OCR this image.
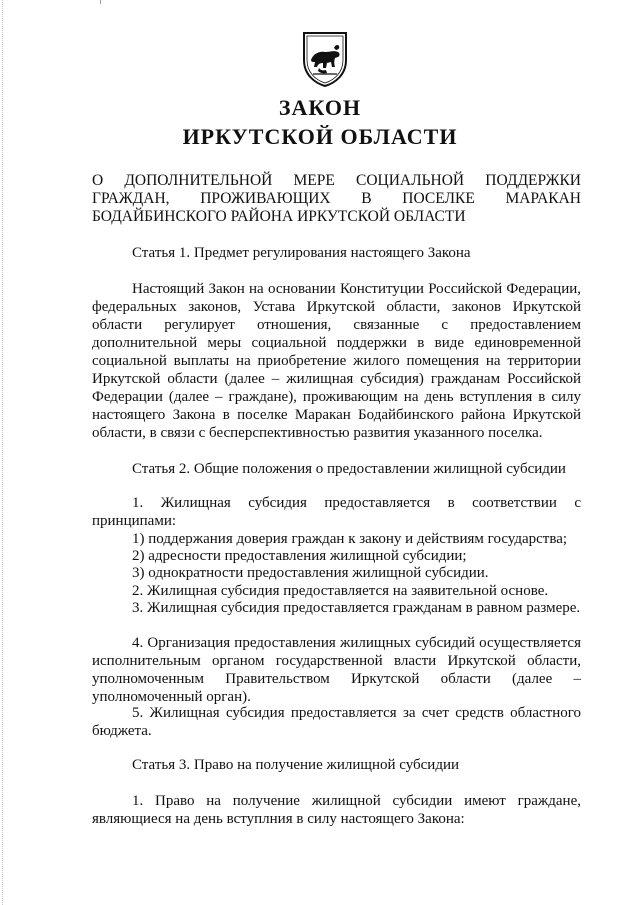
ЗАКОН
ИРКУТСКОЙ ОБЛАСТИ
О ДОПОЛНИТЕЛЬНОЙ МЕРЕ СОЦИАЛЬНОЙ ПОДДЕРЖКИ ГРАЖДАН, ПРОЖИВАЮЩИХ В ПОСЕЛКЕ МАРАКАН БОДАЙБИНСКОГО РАЙОНА ИРКУТСКОЙ ОБЛАСТИ
Статья 1. Предмет регулирования настоящего Закона
Настоящий Закон на основании Конституции Российской Федерации, федеральных законов, Устава Иркутской области, законов Иркутской области регулирует отношения, связанные с предоставлением дополнительной меры социальной поддержки в виде единовременной социальной выплаты на приобретение жилого помещения на территории Иркутской области (далее – жилищная субсидия) гражданам Российской Федерации (далее – граждане), проживающим на день вступления в силу настоящего Закона в поселке Маракан Бодайбинского района Иркутской области, в связи с бесперспективностью развития указанного поселка.
Статья 2. Общие положения о предоставлении жилищной субсидии
1. Жилищная субсидия предоставляется в соответствии с принципами:
1) поддержания доверия граждан к закону и действиям государства;
2) адресности предоставления жилищной субсидии;
3) однократности предоставления жилищной субсидии.
2. Жилищная субсидия предоставляется на заявительной основе.
3. Жилищная субсидия предоставляется гражданам в равном размере.
4. Организация предоставления жилищных субсидий осуществляется исполнительным органом государственной власти Иркутской области, уполномоченным Правительством Иркутской области (далее – уполномоченный орган).
5. Жилищная субсидия предоставляется за счет средств областного бюджета.
Статья 3. Право на получение жилищной субсидии
1. Право на получение жилищной субсидии имеют граждане, являющиеся на день вступлния в силу настоящего Закона:
